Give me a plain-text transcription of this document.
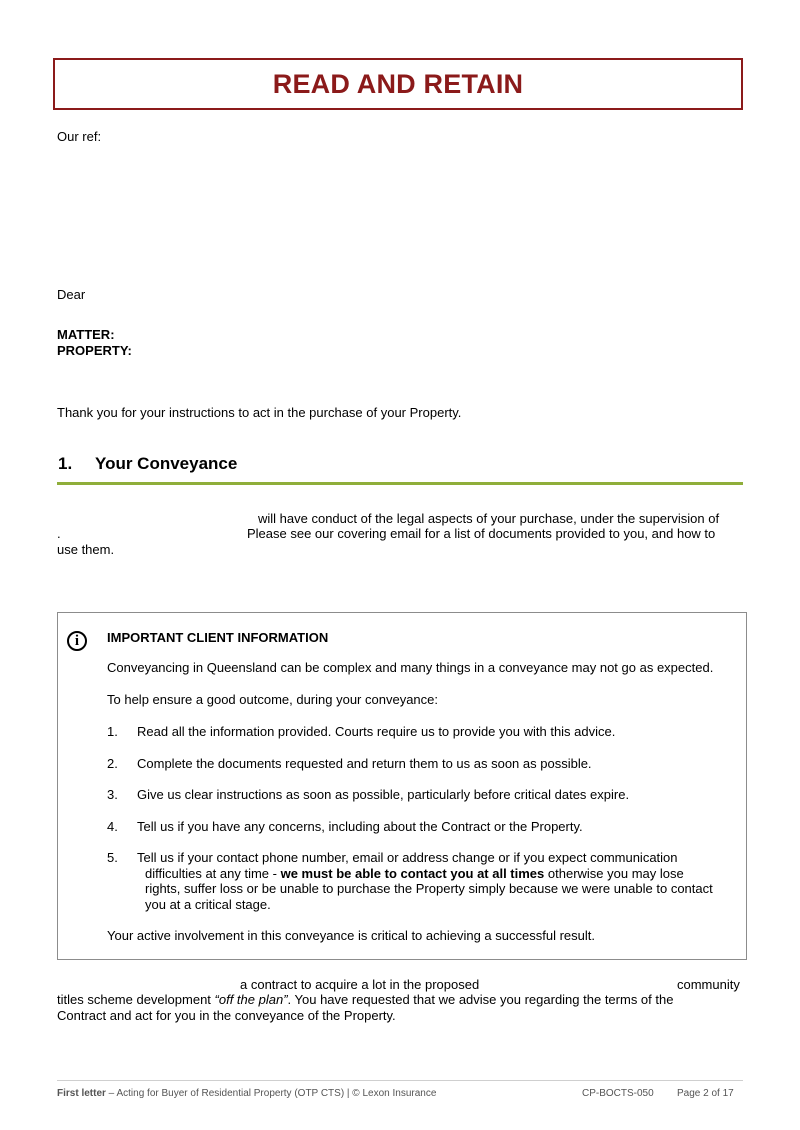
READ AND RETAIN
Our ref:
Dear
MATTER:
PROPERTY:
Thank you for your instructions to act in the purchase of your Property.
1. Your Conveyance
will have conduct of the legal aspects of your purchase, under the supervision of
.	Please see our covering email for a list of documents provided to you, and how to
use them.
i	IMPORTANT CLIENT INFORMATION
Conveyancing in Queensland can be complex and many things in a conveyance may not go as expected.
To help ensure a good outcome, during your conveyance:
1. Read all the information provided. Courts require us to provide you with this advice.
2. Complete the documents requested and return them to us as soon as possible.
3. Give us clear instructions as soon as possible, particularly before critical dates expire.
4. Tell us if you have any concerns, including about the Contract or the Property.
5. Tell us if your contact phone number, email or address change or if you expect communication
difficulties at any time - we must be able to contact you at all times otherwise you may lose
rights, suffer loss or be unable to purchase the Property simply because we were unable to contact
you at a critical stage.
Your active involvement in this conveyance is critical to achieving a successful result.
a contract to acquire a lot in the proposed	community
titles scheme development “off the plan”. You have requested that we advise you regarding the terms of the
Contract and act for you in the conveyance of the Property.
First letter – Acting for Buyer of Residential Property (OTP CTS) | © Lexon Insurance	CP-BOCTS-050 Page 2 of 17
